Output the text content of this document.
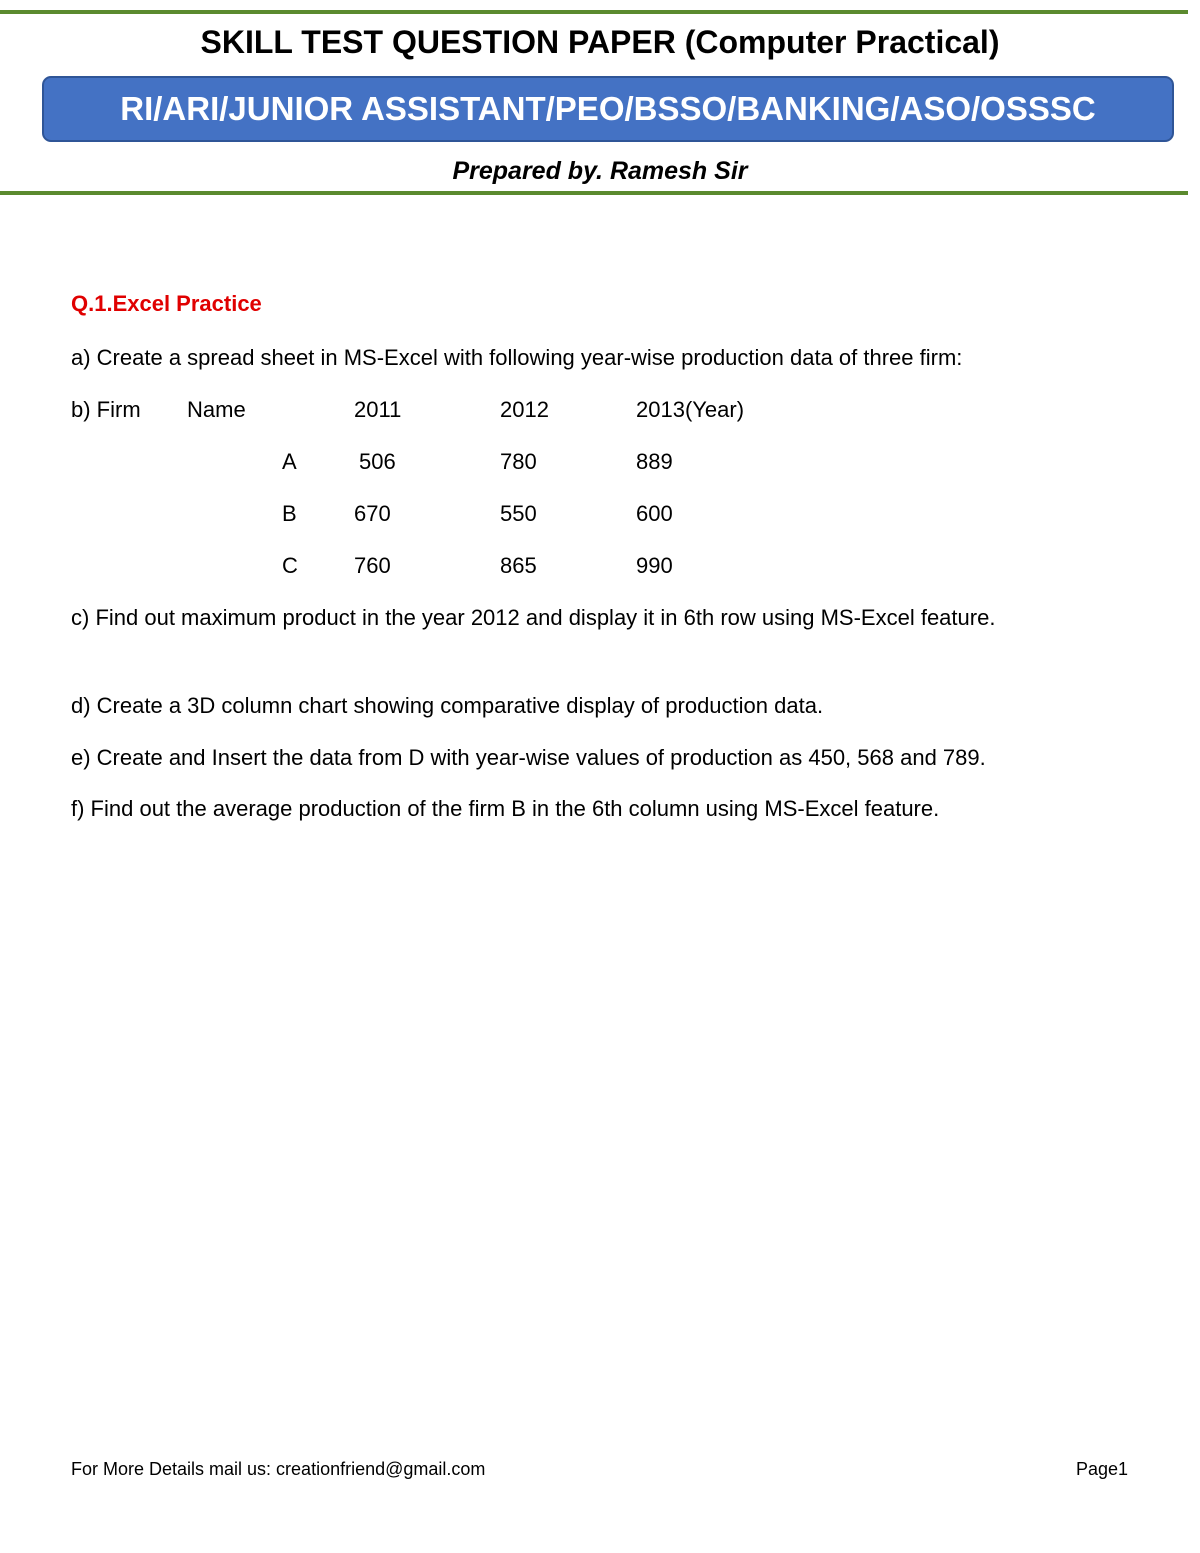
SKILL TEST QUESTION PAPER (Computer Practical)
RI/ARI/JUNIOR ASSISTANT/PEO/BSSO/BANKING/ASO/OSSSC
Prepared by. Ramesh Sir
Q.1.Excel Practice
a) Create a spread sheet in MS-Excel with following year-wise production data of three firm:
b) Firm Name	2011	2012	2013(Year)
A	506	780	889
B	670	550	600
C	760	865	990
c) Find out maximum product in the year 2012 and display it in 6th row using MS-Excel feature.
d) Create a 3D column chart showing comparative display of production data.
e) Create and Insert the data from D with year-wise values of production as 450, 568 and 789.
f) Find out the average production of the firm B in the 6th column using MS-Excel feature.
For More Details mail us: creationfriend@gmail.com	Page1
